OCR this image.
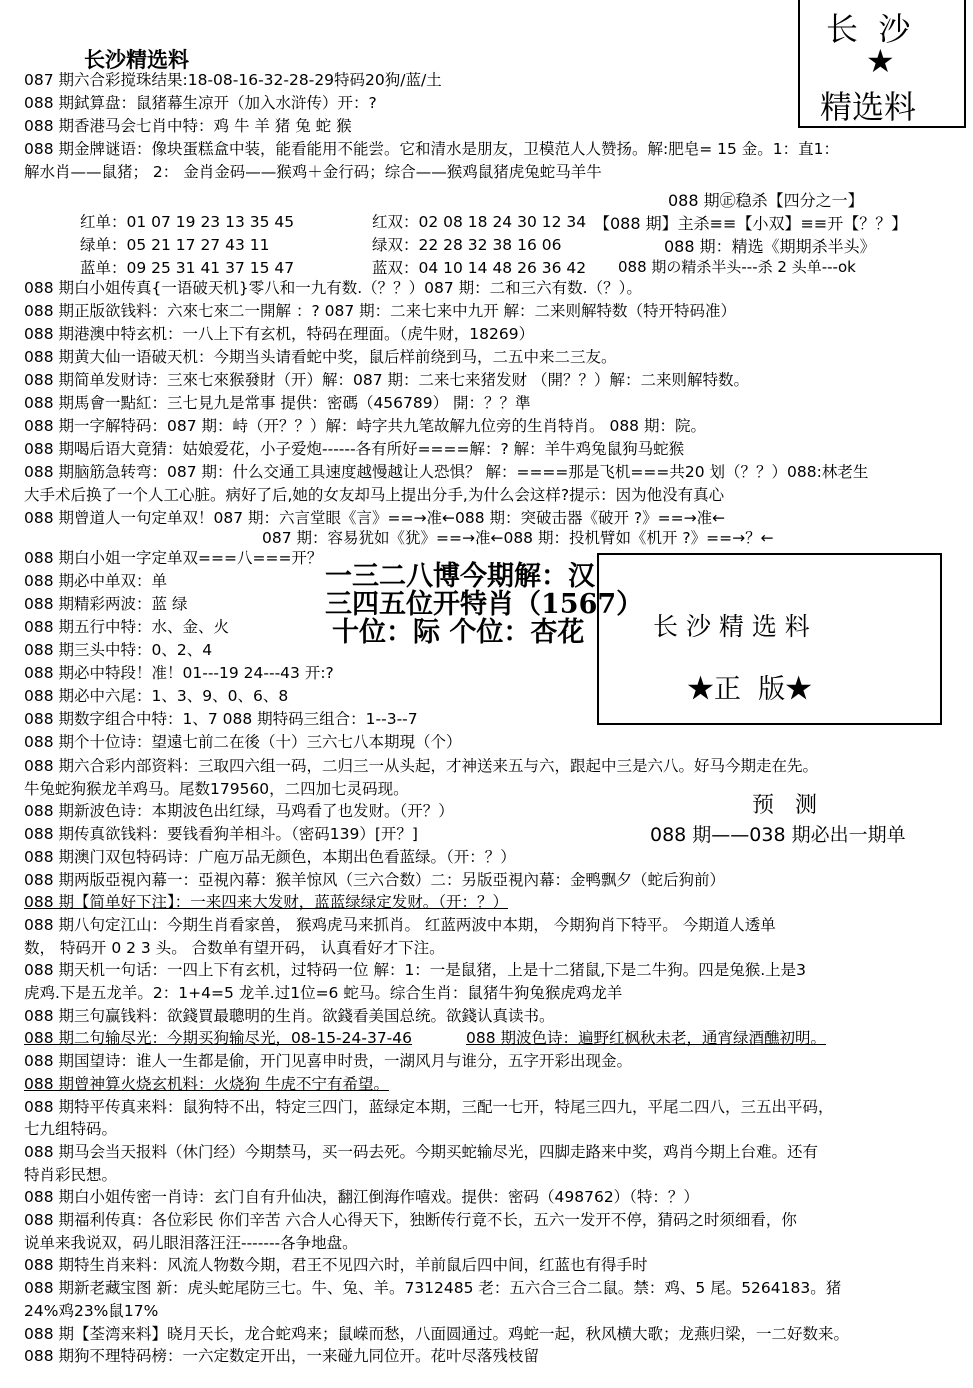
长沙精选料
长  沙
★
精选料
087 期六合彩搅珠结果:18-08-16-32-28-29特码20狗/蓝/土
088 期鉽算盘：鼠猪幕生凉开（加入水浒传）开：?
088 期香港马会七肖中特：鸡 牛 羊 猪 兔 蛇 猴
088 期金牌谜语：像块蛋糕盒中装，能看能用不能尝。它和清水是朋友，卫模范人人赞扬。解:肥皂= 15 金。1：直1：
解水肖——鼠猪； 2： 金肖金码——猴鸡＋金行码；综合——猴鸡鼠猪虎兔蛇马羊牛
088 期㊣稳杀【四分之一】
【088 期】主杀≡≡【小双】≡≡开【？？】
088 期：精选《期期杀半头》
088 期の精杀半头---杀 2 头单---ok
红单：01 07 19 23 13 35 45
绿单：05 21 17 27 43 11
蓝单：09 25 31 41 37 15 47
红双：02 08 18 24 30 12 34
绿双：22 28 32 38 16 06
蓝双：04 10 14 48 26 36 42
088 期白小姐传真{一语破天机}零八和一九有数.（？？）087 期：二和三六有数.（？）。
088 期正版欲钱料：六來七來二一開解 ：? 087 期：二来七来中九开 解：二来则解特数（特开特码准）
088 期港澳中特玄机：一八上下有玄机，特码在理面。（虎牛财，18269）
088 期黄大仙一语破天机：今期当头请看蛇中奖，鼠后样前绕到马，二五中来二三友。
088 期简单发财诗：三來七來猴發財（开）解：087 期：二来七来猪发财 （開？？）解：二来则解特数。
088 期馬會一點紅：三七見九是常事 提供：密碼（456789） 開：？？準
088 期一字解特码：087 期：峙（开？？）解：峙字共九笔故解九位旁的生肖特肖。 088 期：院。
088 期喝后语大竟猜：姑娘爱花，小子爱炮------各有所好====解：? 解：羊牛鸡兔鼠狗马蛇猴
088 期脑筋急转弯：087 期：什么交通工具速度越慢越让人恐惧？ 解：====那是飞机===共20 划（？？）088:林老生
大手术后换了一个人工心脏。病好了后,她的女友却马上提出分手,为什么会这样?提示：因为他没有真心
088 期曾道人一句定单双！087 期：六言堂眼《言》==→准←088 期：突破击器《破开 ?》==→准←
087 期：容易犹如《犹》==→准←088 期：投机臂如《机开 ?》==→？←
088 期白小姐一字定单双===八===开？
088 期必中单双：单
088 期精彩两波：蓝 绿
088 期五行中特：水、金、火
088 期三头中特：0、2、4
088 期必中特段！准！01---19 24---43 开:?
088 期必中六尾：1、3、9、0、6、8
088 期数字组合中特：1、7 088 期特码三组合：1--3--7
088 期个十位诗：望遠七前二在後（十）三六七八本期現（个）
一三二八博今期解：汉
三四五位开特肖（1567）
十位：际 个位：杏花	长 沙 精 选 料
★正  版★
预   测
088 期——038 期必出一期单
088 期六合彩内部资料：三取四六组一码，二归三一从头起，才神送来五与六，跟起中三是六八。好马今期走在先。
牛兔蛇狗猴龙羊鸡马。尾数179560，二四加七灵码现。
088 期新波色诗：本期波色出红绿，马鸡看了也发财。（开？）
088 期传真欲钱料：要钱看狗羊相斗。（密码139）[开？]
088 期澳门双包特码诗：广庖万品无颜色，本期出色看蓝绿。（开：？）
088 期两版亞視內幕一：亞視內幕：猴羊惊风（三六合数）二：另版亞視內幕：金鸭飘夕（蛇后狗前）
088 期【简单好下注】：一来四来大发财，蓝蓝绿绿定发财。（开：？）
088 期八句定江山：今期生肖看家兽， 猴鸡虎马来抓肖。 红蓝两波中本期， 今期狗肖下特平。 今期道人透单
数， 特码开 0 2 3 头。 合数单有望开码， 认真看好才下注。
088 期天机一句话：一四上下有玄机，过特码一位 解：1：一是鼠猪，上是十二猪鼠,下是二牛狗。四是兔猴.上是3
虎鸡.下是五龙羊。2：1+4=5 龙羊.过1位=6 蛇马。综合生肖：鼠猪牛狗兔猴虎鸡龙羊
088 期三句赢钱料：欲錢買最聰明的生肖。欲錢看美国总统。欲錢认真读书。
088 期二句输尽光：今期买狗输尽光，08-15-24-37-46	088 期波色诗：遍野红枫秋未老，通宵绿酒醮初明。
088 期国望诗：谁人一生都是偷，开门见喜申时贵，一湖风月与谁分，五字开彩出现金。
088 期曾神算火烧玄机料：火烧狗 牛虎不宁有希望。
088 期特平传真来料：鼠狗特不出，特定三四门，蓝绿定本期，三配一七开，特尾三四九，平尾二四八，三五出平码，
七九组特码。
088 期马会当天报料（休门经）今期禁马，买一码去死。今期买蛇输尽光，四脚走路来中奖，鸡肖今期上台难。还有
特肖彩民想。
088 期白小姐传密一肖诗：玄门自有升仙决，翻江倒海作嘻戏。提供：密码（498762）（特：？）
088 期福利传真：各位彩民 你们辛苦 六合人心得天下，独断传行竟不长，五六一发开不停，猜码之时须细看，你
说单来我说双，码儿眼泪落汪汪-------各争地盘。
088 期特生肖来料：风流人物数今期，君王不见四六时，羊前鼠后四中间，红蓝也有得手时
088 期新老藏宝图 新：虎头蛇尾防三七。牛、兔、羊。7312485 老：五六合三合二鼠。禁：鸡、5 尾。5264183。猪
24%鸡23%鼠17%
088 期【荃湾来料】晓月天长，龙合蛇鸡来；鼠嵘而愁，八面圆通过。鸡蛇一起，秋风横大歌；龙燕归梁，一二好数来。
088 期狗不理特码榜：一六定数定开出，一来碰九同位开。花叶尽落残枝留
